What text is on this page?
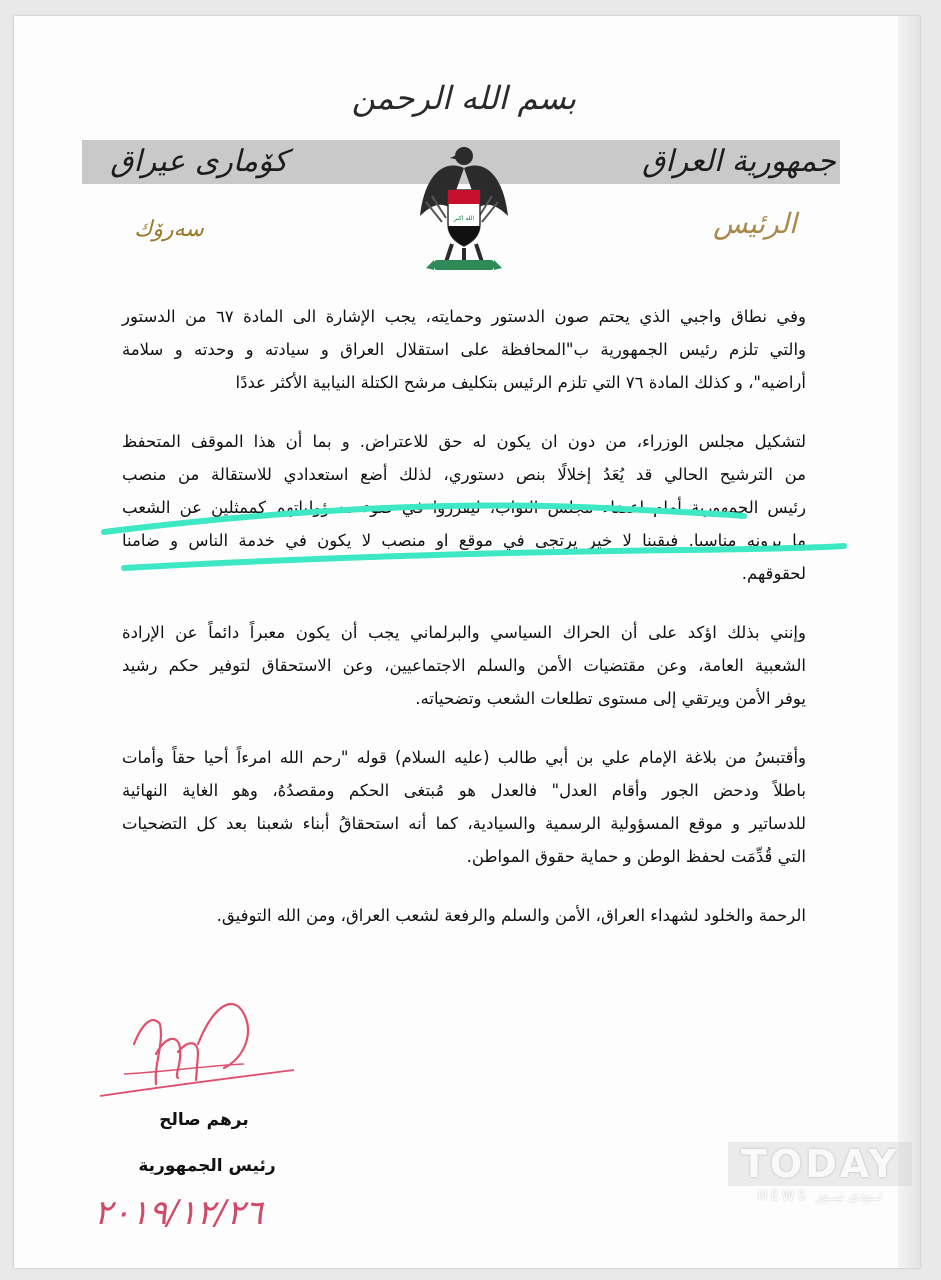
بسم الله الرحمن
كۆمارى عيراق	جمهورية العراق
سەرۆك	الرئيس
الله اكبر
وفي نطاق واجبي الذي يحتم صون الدستور وحمايته، يجب الإشارة الى المادة ٦٧ من الدستور
والتي تلزم رئيس الجمهورية ب"المحافظة على استقلال العراق و سيادته و وحدته و سلامة
أراضيه"، و كذلك المادة ٧٦ التي تلزم الرئيس بتكليف مرشح الكتلة النيابية الأكثر عددًا
لتشكيل مجلس الوزراء، من دون ان يكون له حق للاعتراض. و بما أن هذا الموقف المتحفظ
من الترشيح الحالي قد يُعَدُ إخلالًا بنص دستوري، لذلك أضع استعدادي للاستقالة من منصب
رئيس الجمهورية أمام اعضاء مجلس النواب، ليقرروا في ضوء مسؤولياتهم كممثلين عن الشعب
ما يرونه مناسبا. فيقينا لا خير يرتجى في موقع او منصب لا يكون في خدمة الناس و ضامنا
لحقوقهم.
وإنني بذلك اؤكد على أن الحراك السياسي والبرلماني يجب أن يكون معبراً دائماً عن الإرادة
الشعبية العامة، وعن مقتضيات الأمن والسلم الاجتماعيين، وعن الاستحقاق لتوفير حكم رشيد
يوفر الأمن ويرتقي إلى مستوى تطلعات الشعب وتضحياته.
وأقتبسُ من بلاغة الإمام علي بن أبي طالب (عليه السلام) قوله "رحم الله امرءاً أحيا حقاً وأمات
باطلاً ودحض الجور وأقام العدل" فالعدل هو مُبتغى الحكم ومقصدُهُ، وهو الغاية النهائية
للدساتير و موقع المسؤولية الرسمية والسيادية، كما أنه استحقاقُ أبناء شعبنا بعد كل التضحيات
التي قُدِّمَت لحفظ الوطن و حماية حقوق المواطن.
الرحمة والخلود لشهداء العراق، الأمن والسلم والرفعة لشعب العراق، ومن الله التوفيق.
برهم صالح
رئيس الجمهورية
٢٠١٩/١٢/٢٦
TODAY
NEWS تــودي نيــوز
